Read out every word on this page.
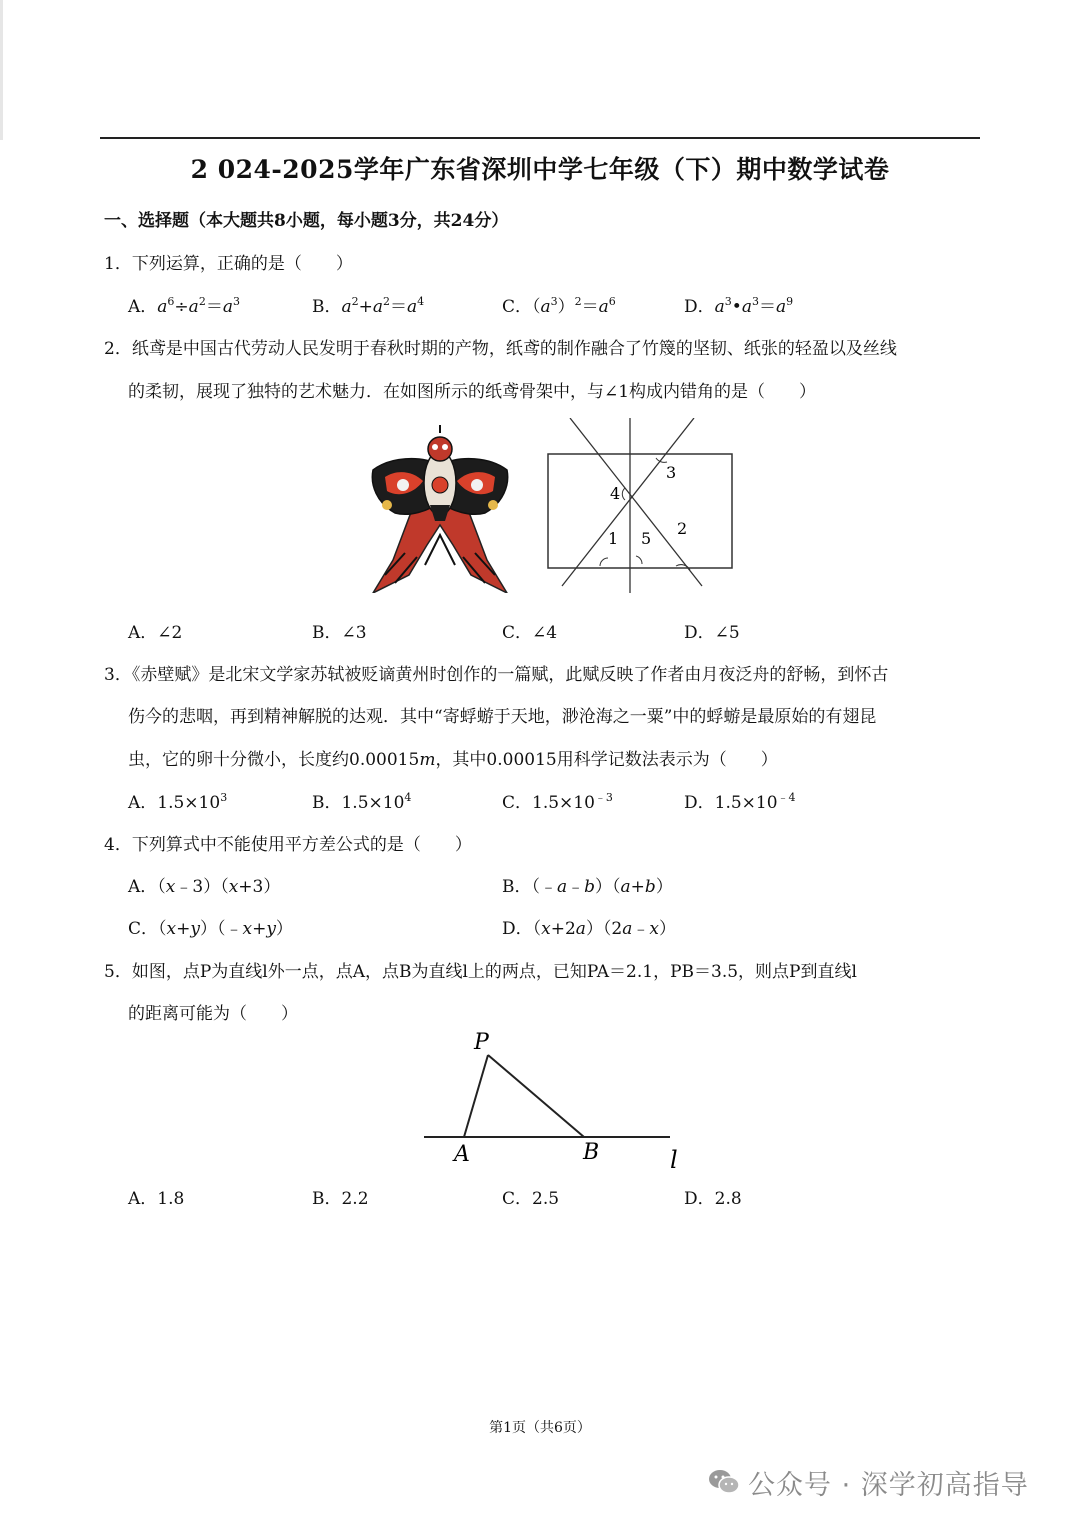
2 024-2025学年广东省深圳中学七年级（下）期中数学试卷
一、选择题（本大题共8小题，每小题3分，共24分）
1．下列运算，正确的是（　　）
A．$a^6\div a^2=a^3$	B．$a^2+a^2=a^4$	C．$(a^3)^2=a^6$	D．$a^3•a^3=a^9$
2．纸鸢是中国古代劳动人民发明于春秋时期的产物，纸鸢的制作融合了竹篾的坚韧、纸张的轻盈以及丝线
的柔韧，展现了独特的艺术魅力．在如图所示的纸鸢骨架中，与∠1构成内错角的是（　　）
1
2
3
4
5
A．∠2	B．∠3	C．∠4	D．∠5
3．《赤壁赋》是北宋文学家苏轼被贬谪黄州时创作的一篇赋，此赋反映了作者由月夜泛舟的舒畅，到怀古
伤今的悲咽，再到精神解脱的达观．其中“寄蜉蝣于天地，渺沧海之一粟”中的蜉蝣是最原始的有翅昆
虫，它的卵十分微小，长度约0.00015m，其中0.00015用科学记数法表示为（　　）
A．$1.5\times 10^3$	B．$1.5\times 10^4$	C．$1.5\times 10^{﹣3}$	D．$1.5\times 10^{﹣4}$
4．下列算式中不能使用平方差公式的是（　　）
A．（x﹣3）（x+3）	B．（﹣a﹣b）（a+b）
C．（x+y）（﹣x+y）	D．（x+2a）（2a﹣x）
5．如图，点P为直线l外一点，点A，点B为直线l上的两点，已知PA＝2.1，PB＝3.5，则点P到直线l
的距离可能为（　　）
P
A	B	l
A．1.8	B．2.2	C．2.5	D．2.8
第1页（共6页）
公众号 · 深学初高指导
